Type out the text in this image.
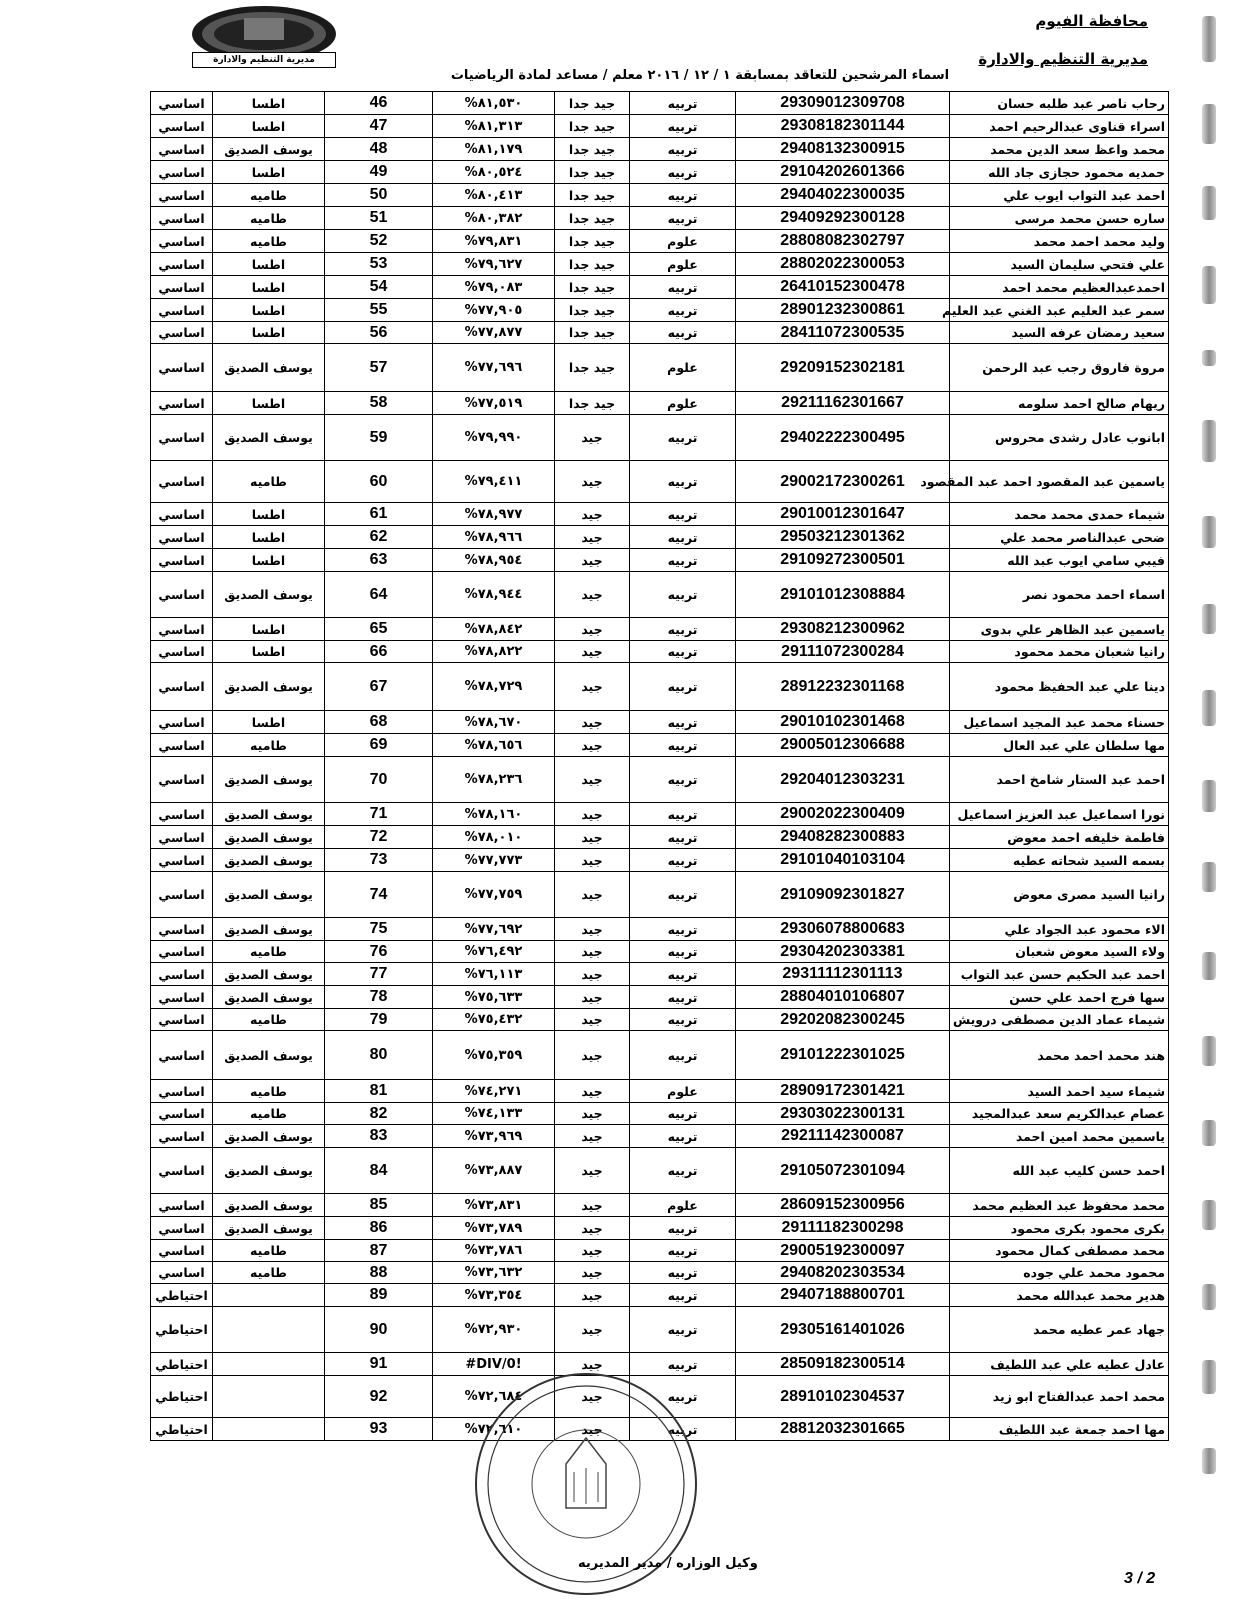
محافظة الفيوم
مديرية التنظيم والادارة
مديرية التنظيم والادارة
اسماء المرشحين للتعاقد بمسابقة ١ / ١٢ / ٢٠١٦ معلم / مساعد لمادة الرياضيات
اساسي	اطسا	46	%٨١,٥٣٠	جيد جدا	تربيه	29309012309708	رحاب ناصر عبد طلبه حسان
اساسي	اطسا	47	%٨١,٣١٣	جيد جدا	تربيه	29308182301144	اسراء قناوى عبدالرحيم احمد
اساسي	يوسف الصديق	48	%٨١,١٧٩	جيد جدا	تربيه	29408132300915	محمد واعظ سعد الدين محمد
اساسي	اطسا	49	%٨٠,٥٢٤	جيد جدا	تربيه	29104202601366	حمديه محمود حجازى جاد الله
اساسي	طاميه	50	%٨٠,٤١٣	جيد جدا	تربيه	29404022300035	احمد عبد التواب ايوب علي
اساسي	طاميه	51	%٨٠,٣٨٢	جيد جدا	تربيه	29409292300128	ساره حسن محمد مرسى
اساسي	طاميه	52	%٧٩,٨٣١	جيد جدا	علوم	28808082302797	وليد محمد احمد محمد
اساسي	اطسا	53	%٧٩,٦٢٧	جيد جدا	علوم	28802022300053	علي فتحي سليمان السيد
اساسي	اطسا	54	%٧٩,٠٨٣	جيد جدا	تربيه	26410152300478	احمدعبدالعظيم محمد احمد
اساسي	اطسا	55	%٧٧,٩٠٥	جيد جدا	تربيه	28901232300861	سمر عبد العليم عبد الغني عبد العليم
اساسي	اطسا	56	%٧٧,٨٧٧	جيد جدا	تربيه	28411072300535	سعيد رمضان عرفه السيد
اساسي	يوسف الصديق	57	%٧٧,٦٩٦	جيد جدا	علوم	29209152302181	مروة فاروق رجب عبد الرحمن
اساسي	اطسا	58	%٧٧,٥١٩	جيد جدا	علوم	29211162301667	ريهام صالح احمد سلومه
اساسي	يوسف الصديق	59	%٧٩,٩٩٠	جيد	تربيه	29402222300495	ابانوب عادل رشدى محروس
اساسي	طاميه	60	%٧٩,٤١١	جيد	تربيه	29002172300261	ياسمين عبد المقصود احمد عبد المقصود
اساسي	اطسا	61	%٧٨,٩٧٧	جيد	تربيه	29010012301647	شيماء حمدى محمد محمد
اساسي	اطسا	62	%٧٨,٩٦٦	جيد	تربيه	29503212301362	ضحى عبدالناصر محمد علي
اساسي	اطسا	63	%٧٨,٩٥٤	جيد	تربيه	29109272300501	فيبي سامي ايوب عبد الله
اساسي	يوسف الصديق	64	%٧٨,٩٤٤	جيد	تربيه	29101012308884	اسماء احمد محمود نصر
اساسي	اطسا	65	%٧٨,٨٤٢	جيد	تربيه	29308212300962	ياسمين عبد الظاهر علي بدوى
اساسي	اطسا	66	%٧٨,٨٢٢	جيد	تربيه	29111072300284	رانيا شعبان محمد محمود
اساسي	يوسف الصديق	67	%٧٨,٧٢٩	جيد	تربيه	28912232301168	دينا علي عبد الحفيظ محمود
اساسي	اطسا	68	%٧٨,٦٧٠	جيد	تربيه	29010102301468	حسناء محمد عبد المجيد اسماعيل
اساسي	طاميه	69	%٧٨,٦٥٦	جيد	تربيه	29005012306688	مها سلطان علي عبد العال
اساسي	يوسف الصديق	70	%٧٨,٢٣٦	جيد	تربيه	29204012303231	احمد عبد الستار شامخ احمد
اساسي	يوسف الصديق	71	%٧٨,١٦٠	جيد	تربيه	29002022300409	نورا اسماعيل عبد العزيز اسماعيل
اساسي	يوسف الصديق	72	%٧٨,٠١٠	جيد	تربيه	29408282300883	فاطمة خليفه احمد معوض
اساسي	يوسف الصديق	73	%٧٧,٧٧٣	جيد	تربيه	29101040103104	بسمه السيد شحاته عطيه
اساسي	يوسف الصديق	74	%٧٧,٧٥٩	جيد	تربيه	29109092301827	رانيا السيد مصرى معوض
اساسي	يوسف الصديق	75	%٧٧,٦٩٢	جيد	تربيه	29306078800683	الاء محمود عبد الجواد علي
اساسي	طاميه	76	%٧٦,٤٩٢	جيد	تربيه	29304202303381	ولاء السيد معوض شعبان
اساسي	يوسف الصديق	77	%٧٦,١١٣	جيد	تربيه	29311112301113	احمد عبد الحكيم حسن عبد التواب
اساسي	يوسف الصديق	78	%٧٥,٦٣٣	جيد	تربيه	28804010106807	سها فرج احمد علي حسن
اساسي	طاميه	79	%٧٥,٤٣٢	جيد	تربيه	29202082300245	شيماء عماد الدين مصطفى درويش
اساسي	يوسف الصديق	80	%٧٥,٣٥٩	جيد	تربيه	29101222301025	هند محمد احمد محمد
اساسي	طاميه	81	%٧٤,٢٧١	جيد	علوم	28909172301421	شيماء سيد احمد السيد
اساسي	طاميه	82	%٧٤,١٣٣	جيد	تربيه	29303022300131	عصام عبدالكريم سعد عبدالمجيد
اساسي	يوسف الصديق	83	%٧٣,٩٦٩	جيد	تربيه	29211142300087	ياسمين محمد امين احمد
اساسي	يوسف الصديق	84	%٧٣,٨٨٧	جيد	تربيه	29105072301094	احمد حسن كليب عبد الله
اساسي	يوسف الصديق	85	%٧٣,٨٣١	جيد	علوم	28609152300956	محمد محفوظ عبد العظيم محمد
اساسي	يوسف الصديق	86	%٧٣,٧٨٩	جيد	تربيه	29111182300298	بكرى محمود بكرى محمود
اساسي	طاميه	87	%٧٣,٧٨٦	جيد	تربيه	29005192300097	محمد مصطفى كمال محمود
اساسي	طاميه	88	%٧٣,٦٣٢	جيد	تربيه	29408202303534	محمود محمد علي جوده
احتياطي		89	%٧٣,٣٥٤	جيد	تربيه	29407188800701	هدير محمد عبدالله محمد
احتياطي		90	%٧٢,٩٣٠	جيد	تربيه	29305161401026	جهاد عمر عطيه محمد
احتياطي		91	#DIV/0!	جيد	تربيه	28509182300514	عادل عطيه علي عبد اللطيف
احتياطي		92	%٧٢,٦٨٤	جيد	تربيه	28910102304537	محمد احمد عبدالفتاح ابو زيد
احتياطي		93	%٧٢,٦١٠	جيد	تربيه	28812032301665	مها احمد جمعة عبد اللطيف
وكيل الوزاره / مدير المديريه
3 / 2
